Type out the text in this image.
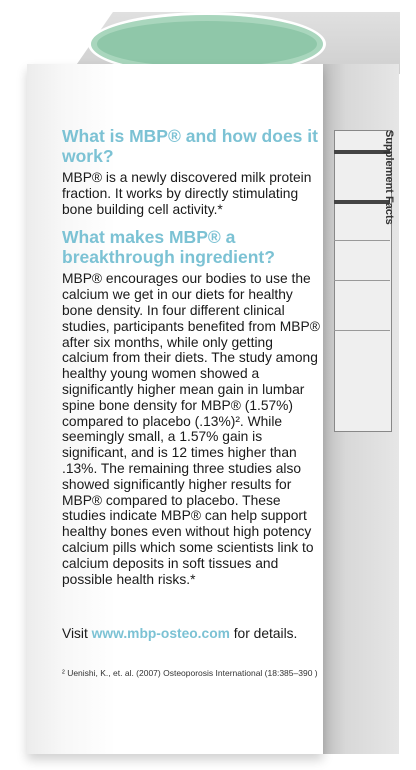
Supplement Facts
What is MBP® and how does it work?

MBP® is a newly discovered milk protein fraction. It works by directly stimulating bone building cell activity.*

What makes MBP® a breakthrough ingredient?

MBP® encourages our bodies to use the calcium we get in our diets for healthy bone density. In four different clinical studies, participants benefited from MBP® after six months, while only getting calcium from their diets. The study among healthy young women showed a significantly higher mean gain in lumbar spine bone density for MBP® (1.57%) compared to placebo (.13%)². While seemingly small, a 1.57% gain is significant, and is 12 times higher than .13%. The remaining three studies also showed significantly higher results for MBP® compared to placebo. These studies indicate MBP® can help support healthy bones even without high potency calcium pills which some scientists link to calcium deposits in soft tissues and possible health risks.*

Visit www.mbp-osteo.com for details.
² Uenishi, K., et. al. (2007) Osteoporosis International (18:385–390 )
